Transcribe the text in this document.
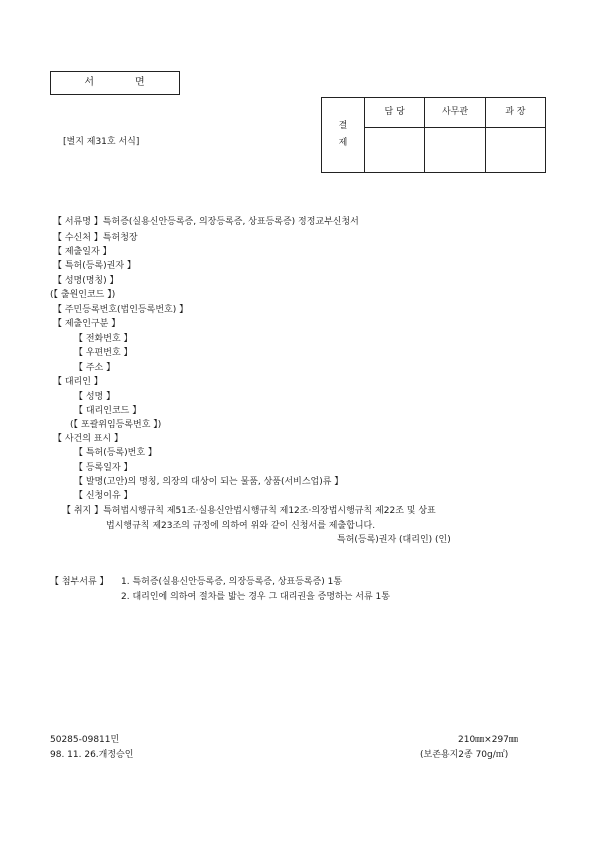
서	면
결
제	담 당	사무관	과 장

[별지 제31호 서식]
【 서류명 】특허증(실용신안등록증, 의장등록증, 상표등록증) 정정교부신청서
【 수신처 】특허청장
【 제출일자 】
【 특허(등록)권자 】
【 성명(명칭) 】
(【 출원인코드 】)
【 주민등록번호(법인등록번호) 】
【 제출인구분 】
【 전화번호 】
【 우편번호 】
【 주소 】
【 대리인 】
【 성명 】
【 대리인코드 】
(【 포괄위임등록번호 】)
【 사건의 표시 】
【 특허(등록)번호 】
【 등록일자 】
【 발명(고안)의 명칭, 의장의 대상이 되는 물품, 상품(서비스업)류 】
【 신청이유 】
【 취지 】특허법시행규칙 제51조·실용신안법시행규칙 제12조·의장법시행규칙 제22조 및 상표
법시행규칙 제23조의 규정에 의하여 위와 같이 신청서를 제출합니다.
특허(등록)권자 (대리인) (인)
【 첨부서류 】 1. 특허증(실용신안등록증, 의장등록증, 상표등록증) 1통
2. 대리인에 의하여 절차를 밟는 경우 그 대리권을 증명하는 서류 1통
50285-09811민
98. 11. 26.개정승인
210㎜×297㎜
(보존용지2종 70g/㎡)
